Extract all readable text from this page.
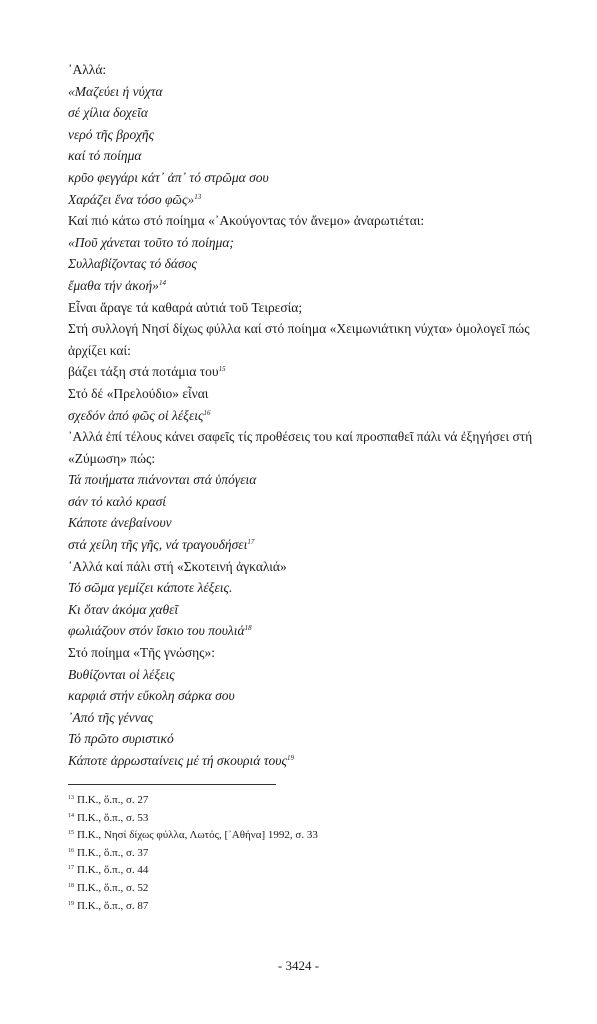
᾿Αλλά:
«Μαζεύει ή νύχτα
σέ χίλια δοχεῖα
νερό τῆς βροχῆς
καί τό ποίημα
κρῦο φεγγάρι κάτ᾽ ἀπ᾽ τό στρῶμα σου
Χαράζει ἕνα τόσο φῶς»$^{13}$
Καί πιό κάτω στό ποίημα «᾿Ακούγοντας τόν ἄνεμο» ἀναρωτιέται:
«Ποῦ χάνεται τοῦτο τό ποίημα;
Συλλαβίζοντας τό δάσος
ἔμαθα τήν ἀκοή»$^{14}$
Εἶναι ἄραγε τά καθαρά αὐτιά τοῦ Τειρεσία;
Στή συλλογή Νησί δίχως φύλλα καί στό ποίημα «Χειμωνιάτικη νύχτα» ὁμολογεῖ πώς ἀρχίζει καί:
βάζει τάξη στά ποτάμια του$^{15}$
Στό δέ «Πρελούδιο» εἶναι
σχεδόν ἀπό φῶς οἱ λέξεις$^{16}$
᾿Αλλά ἐπί τέλους κάνει σαφεῖς τίς προθέσεις του καί προσπαθεῖ πάλι νά ἐξηγήσει στή «Ζύμωση» πώς:
Τά ποιήματα πιάνονται στά ὑπόγεια
σάν τό καλό κρασί
Κάποτε ἀνεβαίνουν
στά χείλη τῆς γῆς, νά τραγουδήσει$^{17}$
᾿Αλλά καί πάλι στή «Σκοτεινή ἀγκαλιά»
Τό σῶμα γεμίζει κάποτε λέξεις.
Κι ὅταν ἀκόμα χαθεῖ
φωλιάζουν στόν ἴσκιο του πουλιά$^{18}$
Στό ποίημα «Τῆς γνώσης»:
Βυθίζονται οἱ λέξεις
καρφιά στήν εὔκολη σάρκα σου
᾿Από τῆς γέννας
Τό πρῶτο συριστικό
Κάποτε ἀρρωσταίνεις μέ τή σκουριά τους$^{19}$
$^{13}$ Π.Κ., ὅ.π., σ. 27
$^{14}$ Π.Κ., ὅ.π., σ. 53
$^{15}$ Π.Κ., Νησί δίχως φύλλα, Λωτός, [᾿Αθήνα] 1992, σ. 33
$^{16}$ Π.Κ., ὅ.π., σ. 37
$^{17}$ Π.Κ., ὅ.π., σ. 44
$^{18}$ Π.Κ., ὅ.π., σ. 52
$^{19}$ Π.Κ., ὅ.π., σ. 87
- 3424 -
